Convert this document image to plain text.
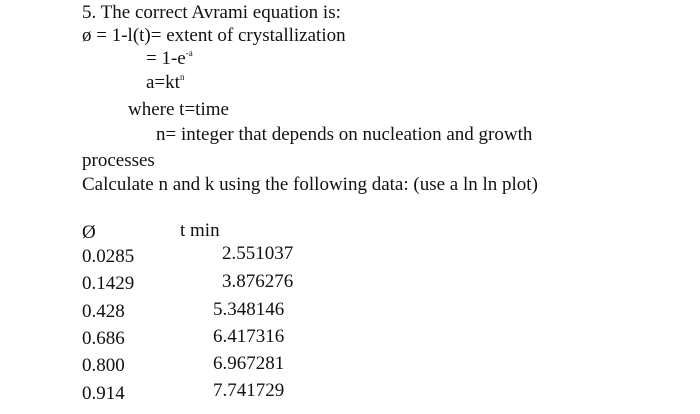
5. The correct Avrami equation is:
ø = 1-l(t)= extent of crystallization
= $1-e^{-a}$
$a=kt^n$
where t=time
n= integer that depends on nucleation and growth
processes
Calculate n and k using the following data: (use a ln ln plot)
Ø	t min
0.0285	2.551037
0.1429	3.876276
0.428	5.348146
0.686	6.417316
0.800	6.967281
0.914	7.741729
